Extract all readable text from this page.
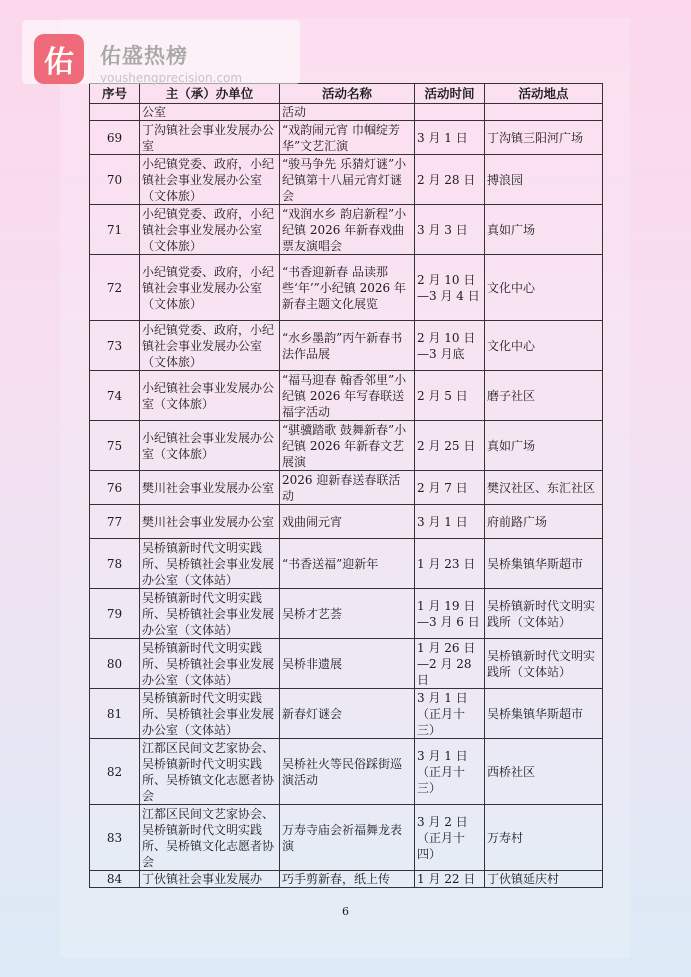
佑	佑盛热榜
youshengprecision.com
序号	主（承）办单位	活动名称	活动时间	活动地点
	公室	活动		
69	丁沟镇社会事业发展办公室	“戏韵闹元宵 巾帼绽芳华”文艺汇演	3 月 1 日	丁沟镇三阳河广场
70	小纪镇党委、政府，小纪镇社会事业发展办公室（文体旅）	“骏马争先 乐猜灯谜”小纪镇第十八届元宵灯谜会	2 月 28 日	搏浪园
71	小纪镇党委、政府，小纪镇社会事业发展办公室（文体旅）	“戏润水乡 韵启新程”小纪镇 2026 年新春戏曲票友演唱会	3 月 3 日	真如广场
72	小纪镇党委、政府，小纪镇社会事业发展办公室（文体旅）	“书香迎新春 品读那些‘年’”小纪镇 2026 年新春主题文化展览	2 月 10 日—3 月 4 日	文化中心
73	小纪镇党委、政府，小纪镇社会事业发展办公室（文体旅）	“水乡墨韵”丙午新春书法作品展	2 月 10 日—3 月底	文化中心
74	小纪镇社会事业发展办公室（文体旅）	“福马迎春 翰香邻里”小纪镇 2026 年写春联送福字活动	2 月 5 日	磨子社区
75	小纪镇社会事业发展办公室（文体旅）	“骐骥踏歌 鼓舞新春”小纪镇 2026 年新春文艺展演	2 月 25 日	真如广场
76	樊川社会事业发展办公室	2026 迎新春送春联活动	2 月 7 日	樊汉社区、东汇社区
77	樊川社会事业发展办公室	戏曲闹元宵	3 月 1 日	府前路广场
78	吴桥镇新时代文明实践所、吴桥镇社会事业发展办公室（文体站）	“书香送福”迎新年	1 月 23 日	吴桥集镇华斯超市
79	吴桥镇新时代文明实践所、吴桥镇社会事业发展办公室（文体站）	吴桥才艺荟	1 月 19 日—3 月 6 日	吴桥镇新时代文明实践所（文体站）
80	吴桥镇新时代文明实践所、吴桥镇社会事业发展办公室（文体站）	吴桥非遗展	1 月 26 日—2 月 28 日	吴桥镇新时代文明实践所（文体站）
81	吴桥镇新时代文明实践所、吴桥镇社会事业发展办公室（文体站）	新春灯谜会	3 月 1 日（正月十三）	吴桥集镇华斯超市
82	江都区民间文艺家协会、吴桥镇新时代文明实践所、吴桥镇文化志愿者协会	吴桥社火等民俗踩街巡演活动	3 月 1 日（正月十三）	西桥社区
83	江都区民间文艺家协会、吴桥镇新时代文明实践所、吴桥镇文化志愿者协会	万寿寺庙会祈福舞龙表演	3 月 2 日（正月十四）	万寿村
84	丁伙镇社会事业发展办	巧手剪新春，纸上传	1 月 22 日	丁伙镇延庆村
6
